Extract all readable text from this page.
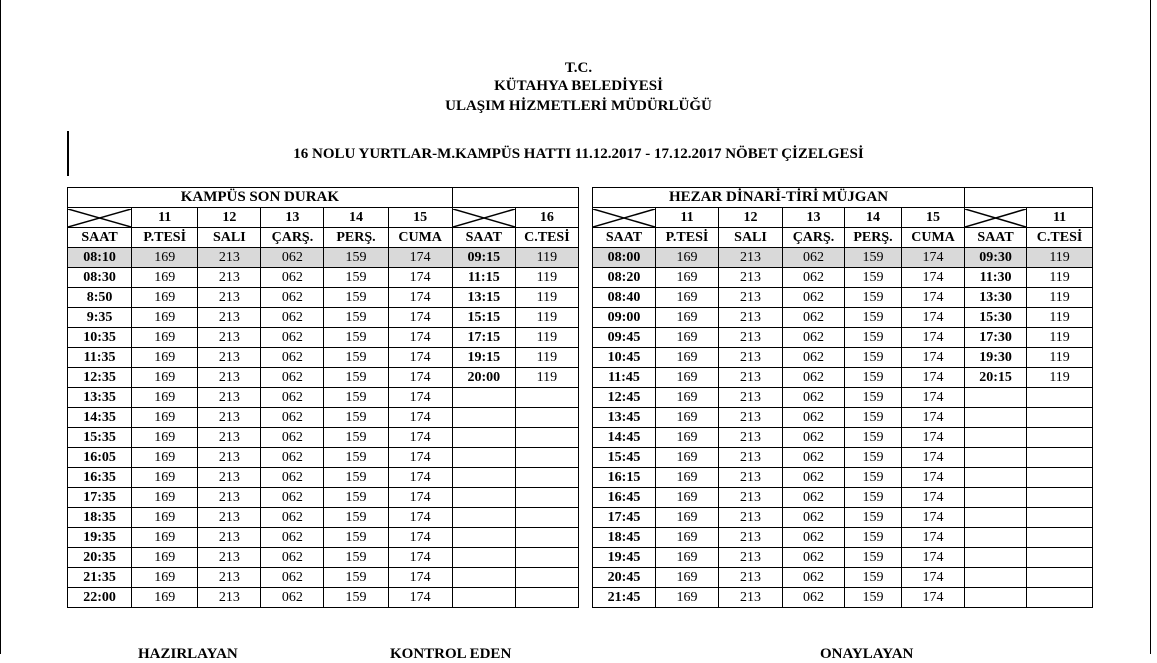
T.C.
KÜTAHYA BELEDİYESİ
ULAŞIM HİZMETLERİ MÜDÜRLÜĞÜ
16 NOLU YURTLAR-M.KAMPÜS HATTI 11.12.2017 - 17.12.2017 NÖBET ÇİZELGESİ
KAMPÜS SON DURAK							

	11	12	13	14	15		16
SAAT	P.TESİ	SALI	ÇARŞ.	PERŞ.	CUMA	SAAT	C.TESİ
08:10	169	213	062	159	174	09:15	119
08:30	169	213	062	159	174	11:15	119
8:50	169	213	062	159	174	13:15	119
9:35	169	213	062	159	174	15:15	119
10:35	169	213	062	159	174	17:15	119
11:35	169	213	062	159	174	19:15	119
12:35	169	213	062	159	174	20:00	119
13:35	169	213	062	159	174		
14:35	169	213	062	159	174		
15:35	169	213	062	159	174		
16:05	169	213	062	159	174		
16:35	169	213	062	159	174		
17:35	169	213	062	159	174		
18:35	169	213	062	159	174		
19:35	169	213	062	159	174		
20:35	169	213	062	159	174		
21:35	169	213	062	159	174		
22:00	169	213	062	159	174		
HEZAR DİNARİ-TİRİ MÜJGAN							

	11	12	13	14	15		11
SAAT	P.TESİ	SALI	ÇARŞ.	PERŞ.	CUMA	SAAT	C.TESİ
08:00	169	213	062	159	174	09:30	119
08:20	169	213	062	159	174	11:30	119
08:40	169	213	062	159	174	13:30	119
09:00	169	213	062	159	174	15:30	119
09:45	169	213	062	159	174	17:30	119
10:45	169	213	062	159	174	19:30	119
11:45	169	213	062	159	174	20:15	119
12:45	169	213	062	159	174		
13:45	169	213	062	159	174		
14:45	169	213	062	159	174		
15:45	169	213	062	159	174		
16:15	169	213	062	159	174		
16:45	169	213	062	159	174		
17:45	169	213	062	159	174		
18:45	169	213	062	159	174		
19:45	169	213	062	159	174		
20:45	169	213	062	159	174		
21:45	169	213	062	159	174		
HAZIRLAYAN	KONTROL EDEN	ONAYLAYAN
